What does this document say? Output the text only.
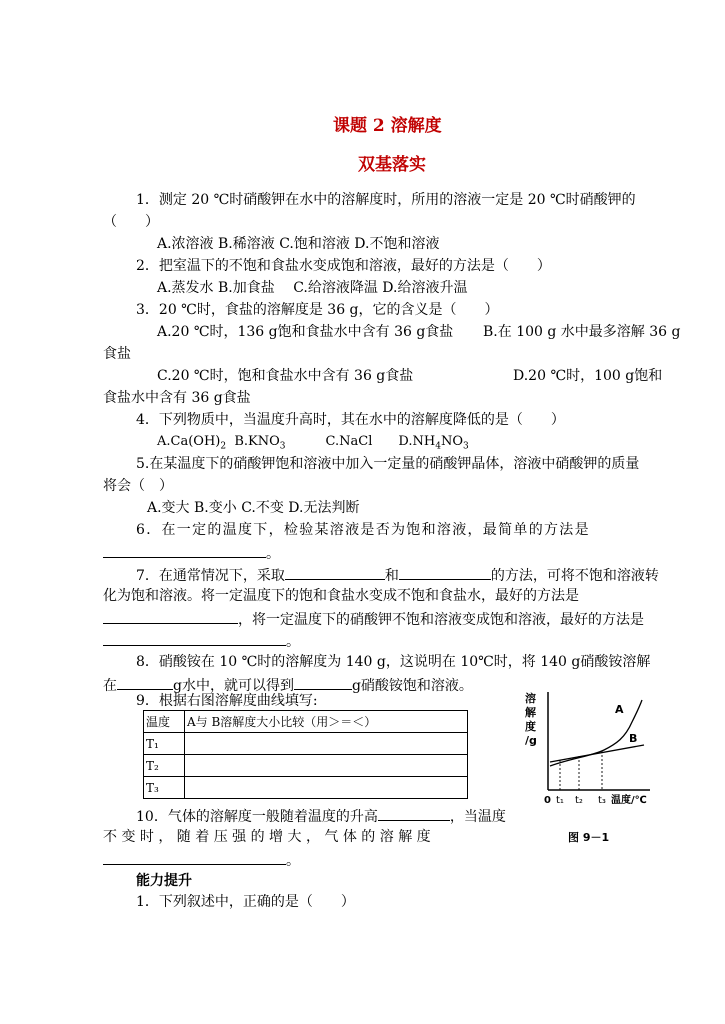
课题 2 溶解度
双基落实
1．测定 20 ℃时硝酸钾在水中的溶解度时，所用的溶液一定是 20 ℃时硝酸钾的
（　　）
A.浓溶液 B.稀溶液 C.饱和溶液 D.不饱和溶液
2．把室温下的不饱和食盐水变成饱和溶液，最好的方法是（　　）
A.蒸发水 B.加食盐　 C.给溶液降温 D.给溶液升温
3．20 ℃时，食盐的溶解度是 36 g，它的含义是（　　）
A.20 ℃时，136 g饱和食盐水中含有 36 g食盐 B.在 100 g 水中最多溶解 36 g
食盐
C.20 ℃时，饱和食盐水中含有 36 g食盐	D.20 ℃时，100 g饱和
食盐水中含有 36 g食盐
4．下列物质中，当温度升高时，其在水中的溶解度降低的是（　　）
$A.Ca(OH)_2$ $B.KNO_3$	C.NaCl $D.NH_4NO_3$
5.在某温度下的硝酸钾饱和溶液中加入一定量的硝酸钾晶体，溶液中硝酸钾的质量
将会（　）
A.变大 B.变小 C.不变 D.无法判断
6．在一定的温度下，检验某溶液是否为饱和溶液，最简单的方法是
。
7．在通常情况下，采取	和	的方法，可将不饱和溶液转
化为饱和溶液。将一定温度下的饱和食盐水变成不饱和食盐水，最好的方法是
，将一定温度下的硝酸钾不饱和溶液变成饱和溶液，最好的方法是
。
8．硝酸铵在 10 ℃时的溶解度为 140 g，这说明在 10℃时，将 140 g硝酸铵溶解
在	g水中，就可以得到	g硝酸铵饱和溶液。
9．根据右图溶解度曲线填写:
温度	A与 B溶解度大小比较（用＞＝＜）
T₁	
T₂	
T₃	
10．气体的溶解度一般随着温度的升高	，当温度
不 变 时 ， 随 着 压 强 的 增 大 ， 气 体 的 溶 解 度
。
能力提升
1．下列叙述中，正确的是（　　）
溶
解
度
/g
A
B
0 t₁ t₂ t₃ 温度/℃
图 9－1
